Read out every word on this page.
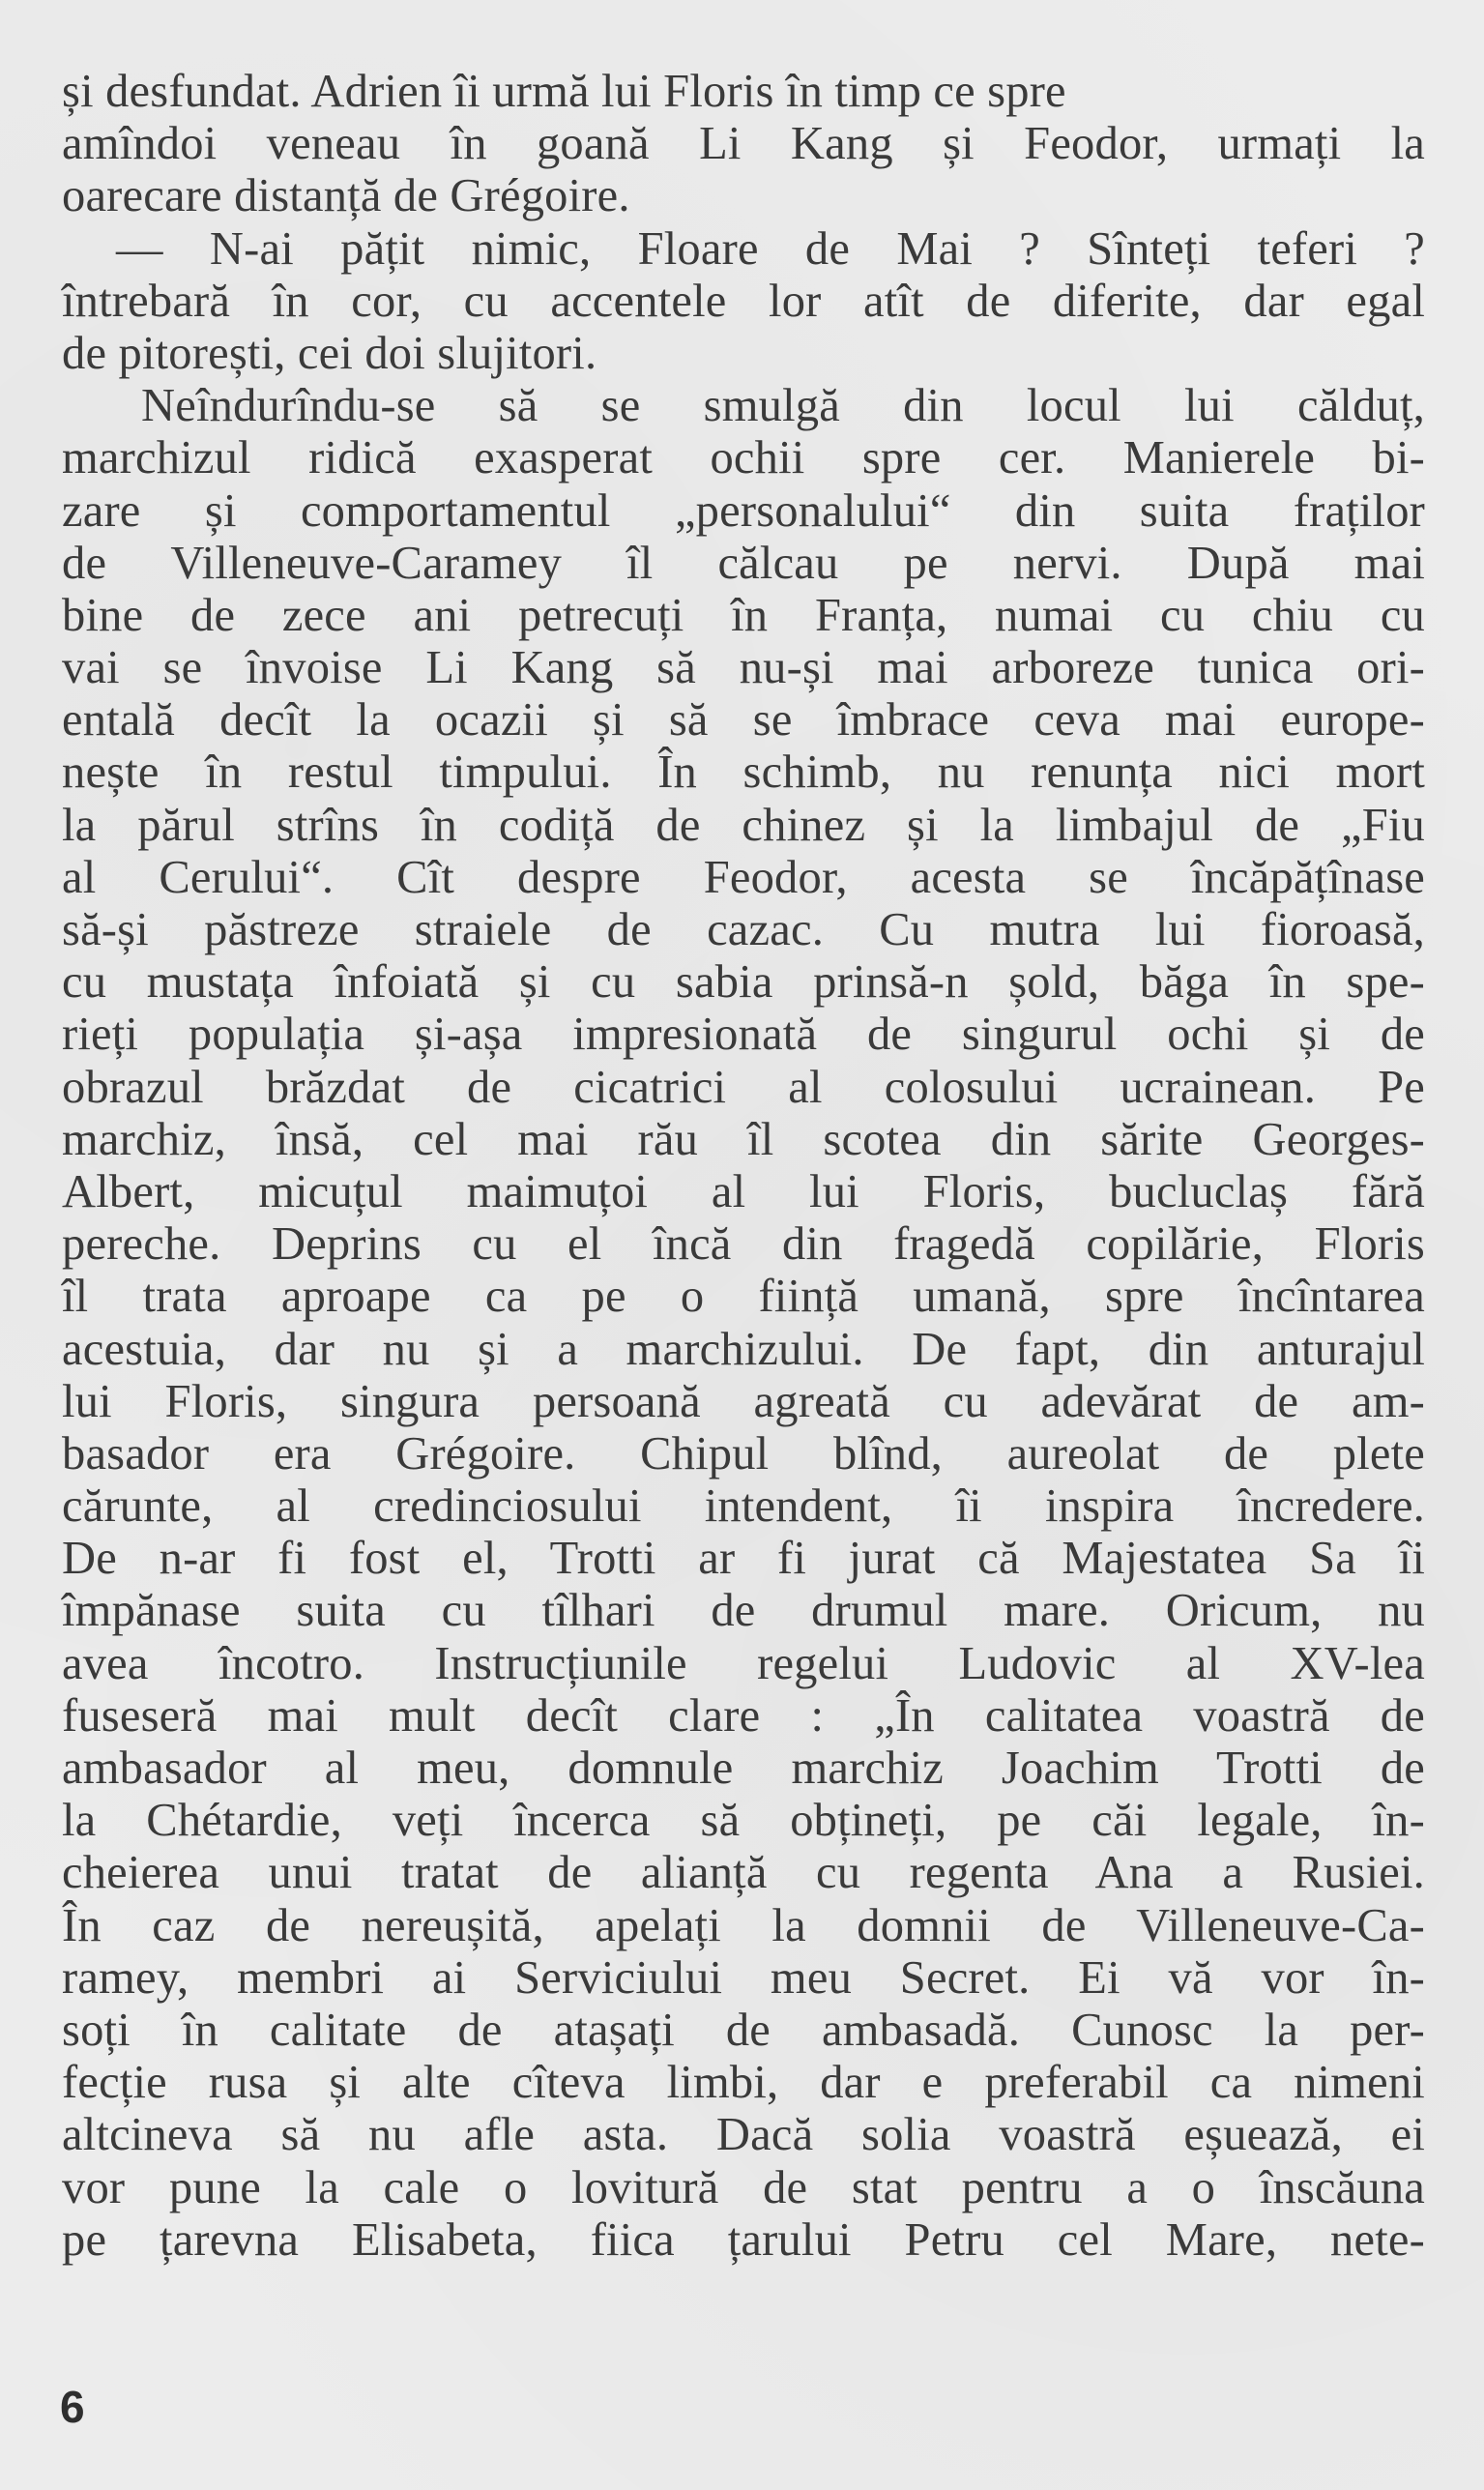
și desfundat. Adrien îi urmă lui Floris în timp ce spre
amîndoi veneau în goană Li Kang și Feodor, urmați la
oarecare distanță de Grégoire.
— N-ai pățit nimic, Floare de Mai ? Sînteți teferi ?
întrebară în cor, cu accentele lor atît de diferite, dar egal
de pitorești, cei doi slujitori.
Neîndurîndu-se să se smulgă din locul lui călduț,
marchizul ridică exasperat ochii spre cer. Manierele bi-
zare și comportamentul „personalului“ din suita fraților
de Villeneuve-Caramey îl călcau pe nervi. După mai
bine de zece ani petrecuți în Franța, numai cu chiu cu
vai se învoise Li Kang să nu-și mai arboreze tunica ori-
entală decît la ocazii și să se îmbrace ceva mai europe-
nește în restul timpului. În schimb, nu renunța nici mort
la părul strîns în codiță de chinez și la limbajul de „Fiu
al Cerului“. Cît despre Feodor, acesta se încăpățînase
să-și păstreze straiele de cazac. Cu mutra lui fioroasă,
cu mustața înfoiată și cu sabia prinsă-n șold, băga în spe-
rieți populația și-așa impresionată de singurul ochi și de
obrazul brăzdat de cicatrici al colosului ucrainean. Pe
marchiz, însă, cel mai rău îl scotea din sărite Georges-
Albert, micuțul maimuțoi al lui Floris, bucluclaș fără
pereche. Deprins cu el încă din fragedă copilărie, Floris
îl trata aproape ca pe o ființă umană, spre încîntarea
acestuia, dar nu și a marchizului. De fapt, din anturajul
lui Floris, singura persoană agreată cu adevărat de am-
basador era Grégoire. Chipul blînd, aureolat de plete
cărunte, al credinciosului intendent, îi inspira încredere.
De n-ar fi fost el, Trotti ar fi jurat că Majestatea Sa îi
împănase suita cu tîlhari de drumul mare. Oricum, nu
avea încotro. Instrucțiunile regelui Ludovic al XV-lea
fuseseră mai mult decît clare : „În calitatea voastră de
ambasador al meu, domnule marchiz Joachim Trotti de
la Chétardie, veți încerca să obțineți, pe căi legale, în-
cheierea unui tratat de alianță cu regenta Ana a Rusiei.
În caz de nereușită, apelați la domnii de Villeneuve-Ca-
ramey, membri ai Serviciului meu Secret. Ei vă vor în-
soți în calitate de atașați de ambasadă. Cunosc la per-
fecție rusa și alte cîteva limbi, dar e preferabil ca nimeni
altcineva să nu afle asta. Dacă solia voastră eșuează, ei
vor pune la cale o lovitură de stat pentru a o înscăuna
pe țarevna Elisabeta, fiica țarului Petru cel Mare, nete-
6
